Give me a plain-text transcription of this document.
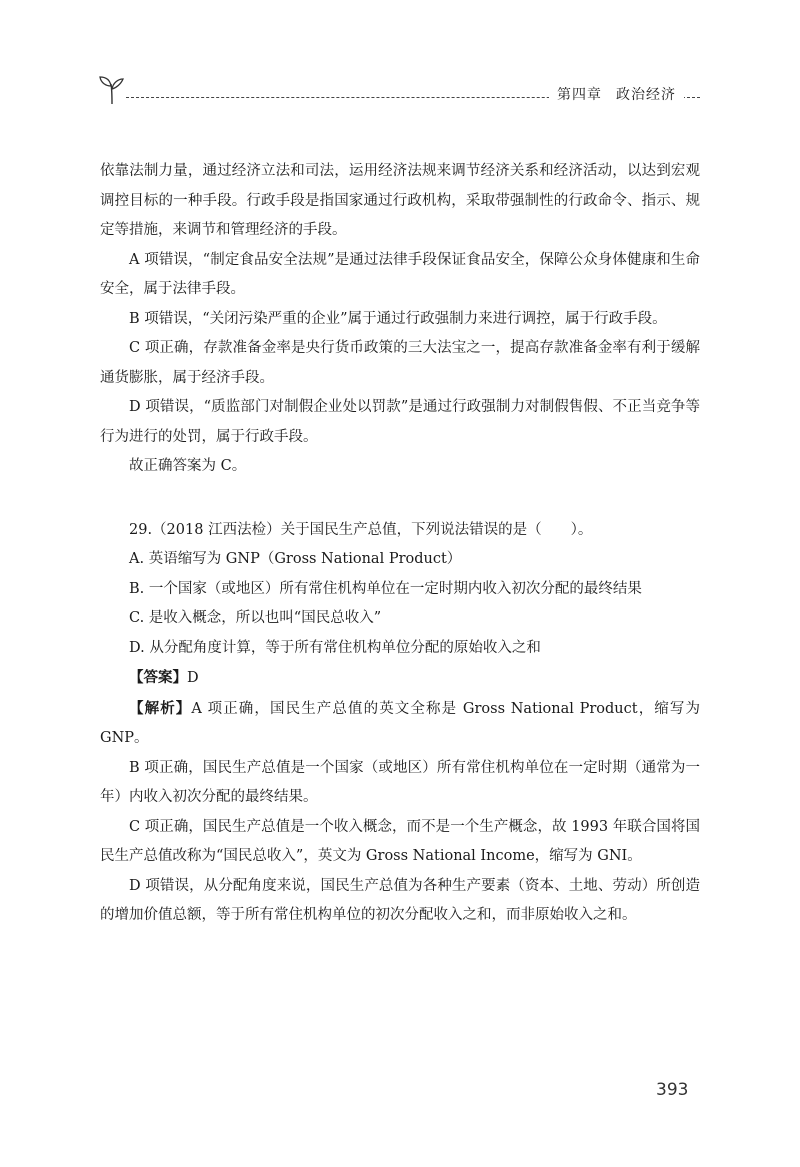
第四章 政治经济

依靠法制力量，通过经济立法和司法，运用经济法规来调节经济关系和经济活动，以达到宏观调控目标的一种手段。行政手段是指国家通过行政机构，采取带强制性的行政命令、指示、规定等措施，来调节和管理经济的手段。

A 项错误，“制定食品安全法规”是通过法律手段保证食品安全，保障公众身体健康和生命安全，属于法律手段。

B 项错误，“关闭污染严重的企业”属于通过行政强制力来进行调控，属于行政手段。

C 项正确，存款准备金率是央行货币政策的三大法宝之一，提高存款准备金率有利于缓解通货膨胀，属于经济手段。

D 项错误，“质监部门对制假企业处以罚款”是通过行政强制力对制假售假、不正当竞争等行为进行的处罚，属于行政手段。

故正确答案为 C。

29.（2018 江西法检）关于国民生产总值，下列说法错误的是（　　）。

A. 英语缩写为 GNP（Gross National Product）

B. 一个国家（或地区）所有常住机构单位在一定时期内收入初次分配的最终结果

C. 是收入概念，所以也叫“国民总收入”

D. 从分配角度计算，等于所有常住机构单位分配的原始收入之和

【答案】D

【解析】A 项正确，国民生产总值的英文全称是 Gross National Product，缩写为 GNP。

B 项正确，国民生产总值是一个国家（或地区）所有常住机构单位在一定时期（通常为一年）内收入初次分配的最终结果。

C 项正确，国民生产总值是一个收入概念，而不是一个生产概念，故 1993 年联合国将国民生产总值改称为“国民总收入”，英文为 Gross National Income，缩写为 GNI。

D 项错误，从分配角度来说，国民生产总值为各种生产要素（资本、土地、劳动）所创造的增加价值总额，等于所有常住机构单位的初次分配收入之和，而非原始收入之和。

393
